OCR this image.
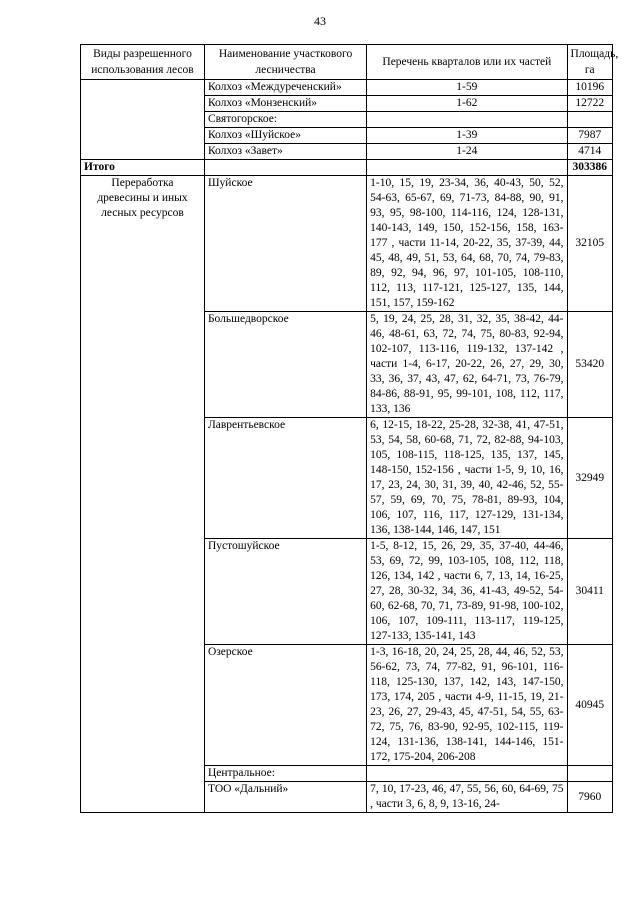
43
Виды разрешенного использования лесов	Наименование участкового лесничества	Перечень кварталов или их частей	Площадь, га
	Колхоз «Междуреченский»	1-59	10196
	Колхоз «Монзенский»	1-62	12722
	Святогорское:		
	Колхоз «Шуйское»	1-39	7987
	Колхоз «Завет»	1-24	4714
Итого			303386
Переработка древесины и иных лесных ресурсов	Шуйское	1-10, 15, 19, 23-34, 36, 40-43, 50, 52, 54-63, 65-67, 69, 71-73, 84-88, 90, 91, 93, 95, 98-100, 114-116, 124, 128-131, 140-143, 149, 150, 152-156, 158, 163-177 , части 11-14, 20-22, 35, 37-39, 44, 45, 48, 49, 51, 53, 64, 68, 70, 74, 79-83, 89, 92, 94, 96, 97, 101-105, 108-110, 112, 113, 117-121, 125-127, 135, 144, 151, 157, 159-162	32105
	Большедворское	5, 19, 24, 25, 28, 31, 32, 35, 38-42, 44-46, 48-61, 63, 72, 74, 75, 80-83, 92-94, 102-107, 113-116, 119-132, 137-142 , части 1-4, 6-17, 20-22, 26, 27, 29, 30, 33, 36, 37, 43, 47, 62, 64-71, 73, 76-79, 84-86, 88-91, 95, 99-101, 108, 112, 117, 133, 136	53420
	Лаврентьевское	6, 12-15, 18-22, 25-28, 32-38, 41, 47-51, 53, 54, 58, 60-68, 71, 72, 82-88, 94-103, 105, 108-115, 118-125, 135, 137, 145, 148-150, 152-156 , части 1-5, 9, 10, 16, 17, 23, 24, 30, 31, 39, 40, 42-46, 52, 55-57, 59, 69, 70, 75, 78-81, 89-93, 104, 106, 107, 116, 117, 127-129, 131-134, 136, 138-144, 146, 147, 151	32949
	Пустошуйское	1-5, 8-12, 15, 26, 29, 35, 37-40, 44-46, 53, 69, 72, 99, 103-105, 108, 112, 118, 126, 134, 142 , части 6, 7, 13, 14, 16-25, 27, 28, 30-32, 34, 36, 41-43, 49-52, 54-60, 62-68, 70, 71, 73-89, 91-98, 100-102, 106, 107, 109-111, 113-117, 119-125, 127-133, 135-141, 143	30411
	Озерское	1-3, 16-18, 20, 24, 25, 28, 44, 46, 52, 53, 56-62, 73, 74, 77-82, 91, 96-101, 116-118, 125-130, 137, 142, 143, 147-150, 173, 174, 205 , части 4-9, 11-15, 19, 21-23, 26, 27, 29-43, 45, 47-51, 54, 55, 63-72, 75, 76, 83-90, 92-95, 102-115, 119-124, 131-136, 138-141, 144-146, 151-172, 175-204, 206-208	40945
	Центральное:		
	ТОО «Дальний»	7, 10, 17-23, 46, 47, 55, 56, 60, 64-69, 75 , части 3, 6, 8, 9, 13-16, 24-	7960
